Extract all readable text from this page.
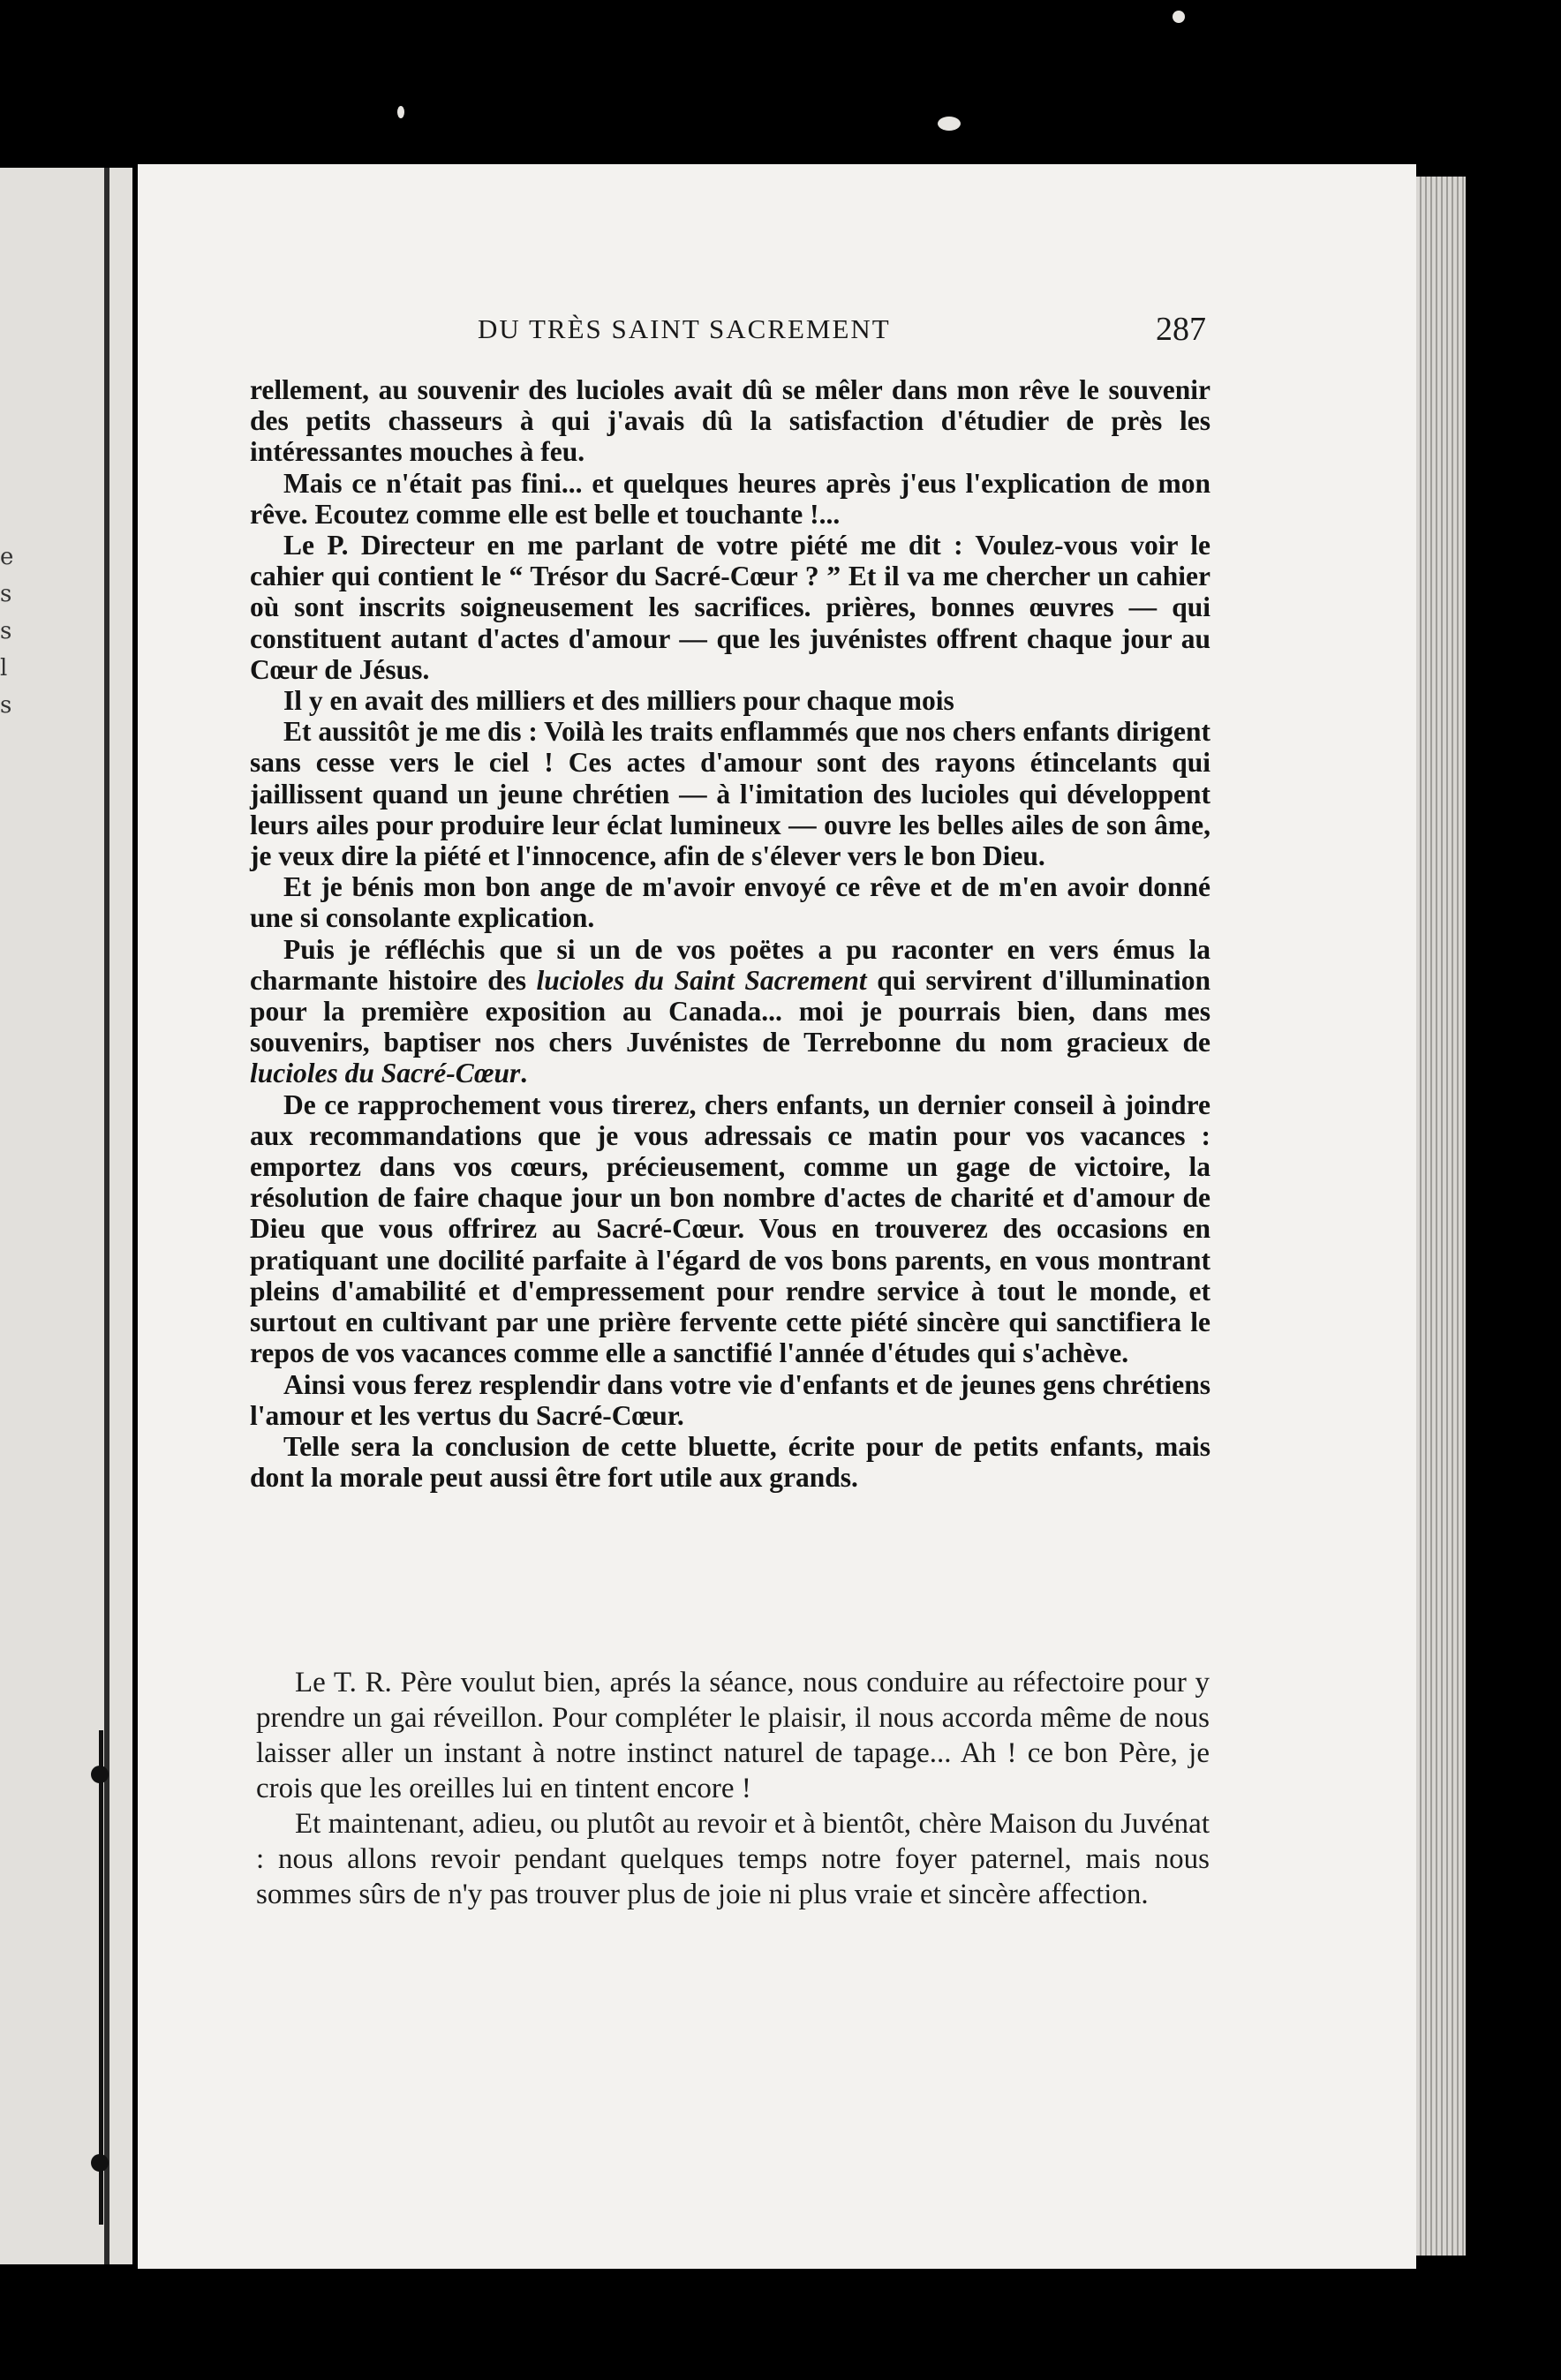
e
s
s
l
s
DU TRÈS SAINT SACREMENT	287

rellement, au souvenir des lucioles avait dû se mêler dans mon rêve le souvenir des petits chasseurs à qui j'avais dû la satisfaction d'étudier de près les intéressantes mouches à feu.

Mais ce n'était pas fini... et quelques heures après j'eus l'explication de mon rêve. Ecoutez comme elle est belle et touchante !...

Le P. Directeur en me parlant de votre piété me dit : Voulez-vous voir le cahier qui contient le “ Trésor du Sacré-Cœur ? ” Et il va me chercher un cahier où sont inscrits soigneusement les sacrifices. prières, bonnes œuvres — qui constituent autant d'actes d'amour — que les juvénistes offrent chaque jour au Cœur de Jésus.

Il y en avait des milliers et des milliers pour chaque mois

Et aussitôt je me dis : Voilà les traits enflammés que nos chers enfants dirigent sans cesse vers le ciel ! Ces actes d'amour sont des rayons étincelants qui jaillissent quand un jeune chrétien — à l'imitation des lucioles qui développent leurs ailes pour produire leur éclat lumineux — ouvre les belles ailes de son âme, je veux dire la piété et l'innocence, afin de s'élever vers le bon Dieu.

Et je bénis mon bon ange de m'avoir envoyé ce rêve et de m'en avoir donné une si consolante explication.

Puis je réfléchis que si un de vos poëtes a pu raconter en vers émus la charmante histoire des lucioles du Saint Sacrement qui servirent d'illumination pour la première exposition au Canada... moi je pourrais bien, dans mes souvenirs, baptiser nos chers Juvénistes de Terrebonne du nom gracieux de lucioles du Sacré-Cœur.

De ce rapprochement vous tirerez, chers enfants, un dernier conseil à joindre aux recommandations que je vous adressais ce matin pour vos vacances : emportez dans vos cœurs, précieusement, comme un gage de victoire, la résolution de faire chaque jour un bon nombre d'actes de charité et d'amour de Dieu que vous offrirez au Sacré-Cœur. Vous en trouverez des occasions en pratiquant une docilité parfaite à l'égard de vos bons parents, en vous montrant pleins d'amabilité et d'empressement pour rendre service à tout le monde, et surtout en cultivant par une prière fervente cette piété sincère qui sanctifiera le repos de vos vacances comme elle a sanctifié l'année d'études qui s'achève.

Ainsi vous ferez resplendir dans votre vie d'enfants et de jeunes gens chrétiens l'amour et les vertus du Sacré-Cœur.

Telle sera la conclusion de cette bluette, écrite pour de petits enfants, mais dont la morale peut aussi être fort utile aux grands.

Le T. R. Père voulut bien, aprés la séance, nous conduire au réfectoire pour y prendre un gai réveillon. Pour compléter le plaisir, il nous accorda même de nous laisser aller un instant à notre instinct naturel de tapage... Ah ! ce bon Père, je crois que les oreilles lui en tintent encore !

Et maintenant, adieu, ou plutôt au revoir et à bientôt, chère Maison du Juvénat : nous allons revoir pendant quelques temps notre foyer paternel, mais nous sommes sûrs de n'y pas trouver plus de joie ni plus vraie et sincère affection.
